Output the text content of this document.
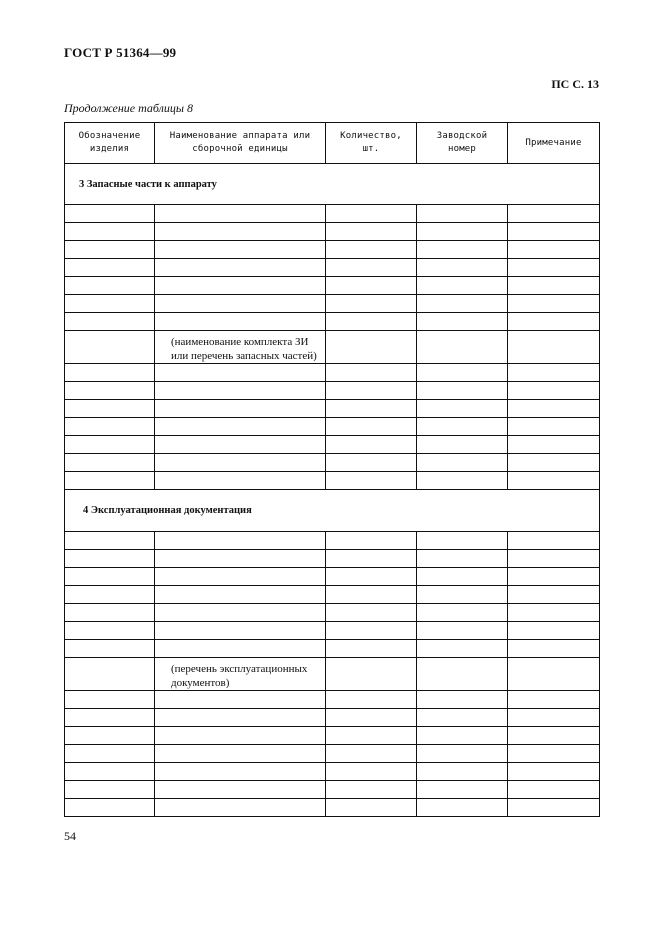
ГОСТ Р 51364—99
ПС С. 13
Продолжение таблицы 8
Обозначение изделия	Наименование аппарата или сборочной единицы	Количество, шт.	Заводской номер	Примечание
3 Запасные части к аппарату				

	(наименование комплекта ЗИ или перечень запасных частей)			

4 Эксплуатационная документация				

	(перечень эксплуатационных документов)			

54
